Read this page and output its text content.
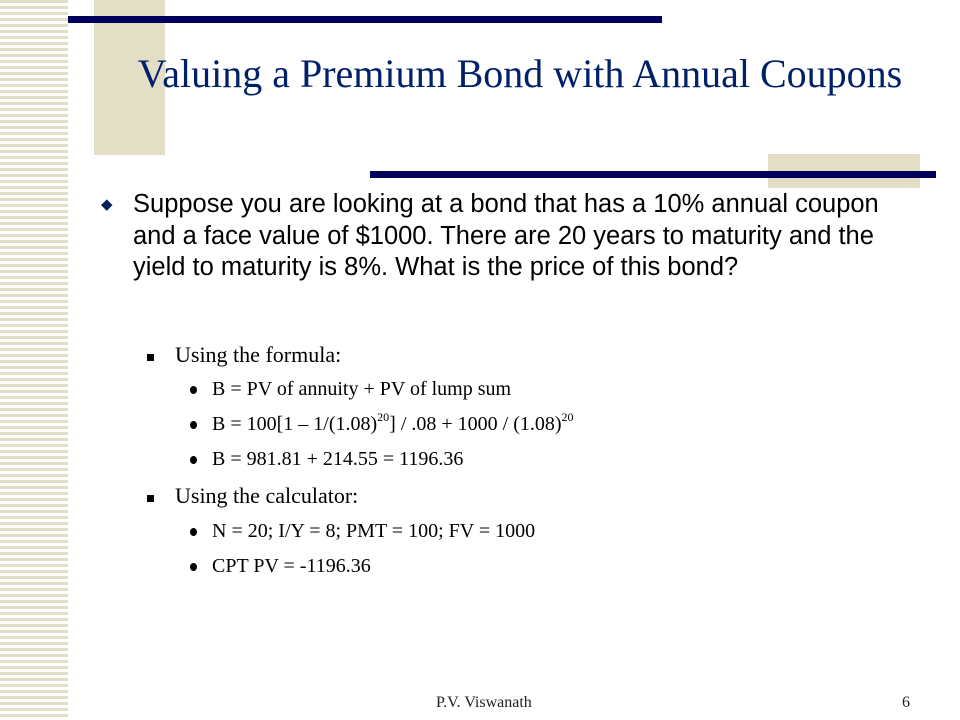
Valuing a Premium Bond with Annual Coupons
◆ Suppose you are looking at a bond that has a 10% annual coupon and a face value of $1000. There are 20 years to maturity and the yield to maturity is 8%. What is the price of this bond?
Using the formula:
B = PV of annuity + PV of lump sum
$B = 100[1 - 1/(1.08)^{20}] / .08 + 1000 / (1.08)^{20}$
B = 981.81 + 214.55 = 1196.36
Using the calculator:
N = 20; I/Y = 8; PMT = 100; FV = 1000
CPT PV = -1196.36
P.V. Viswanath	6
